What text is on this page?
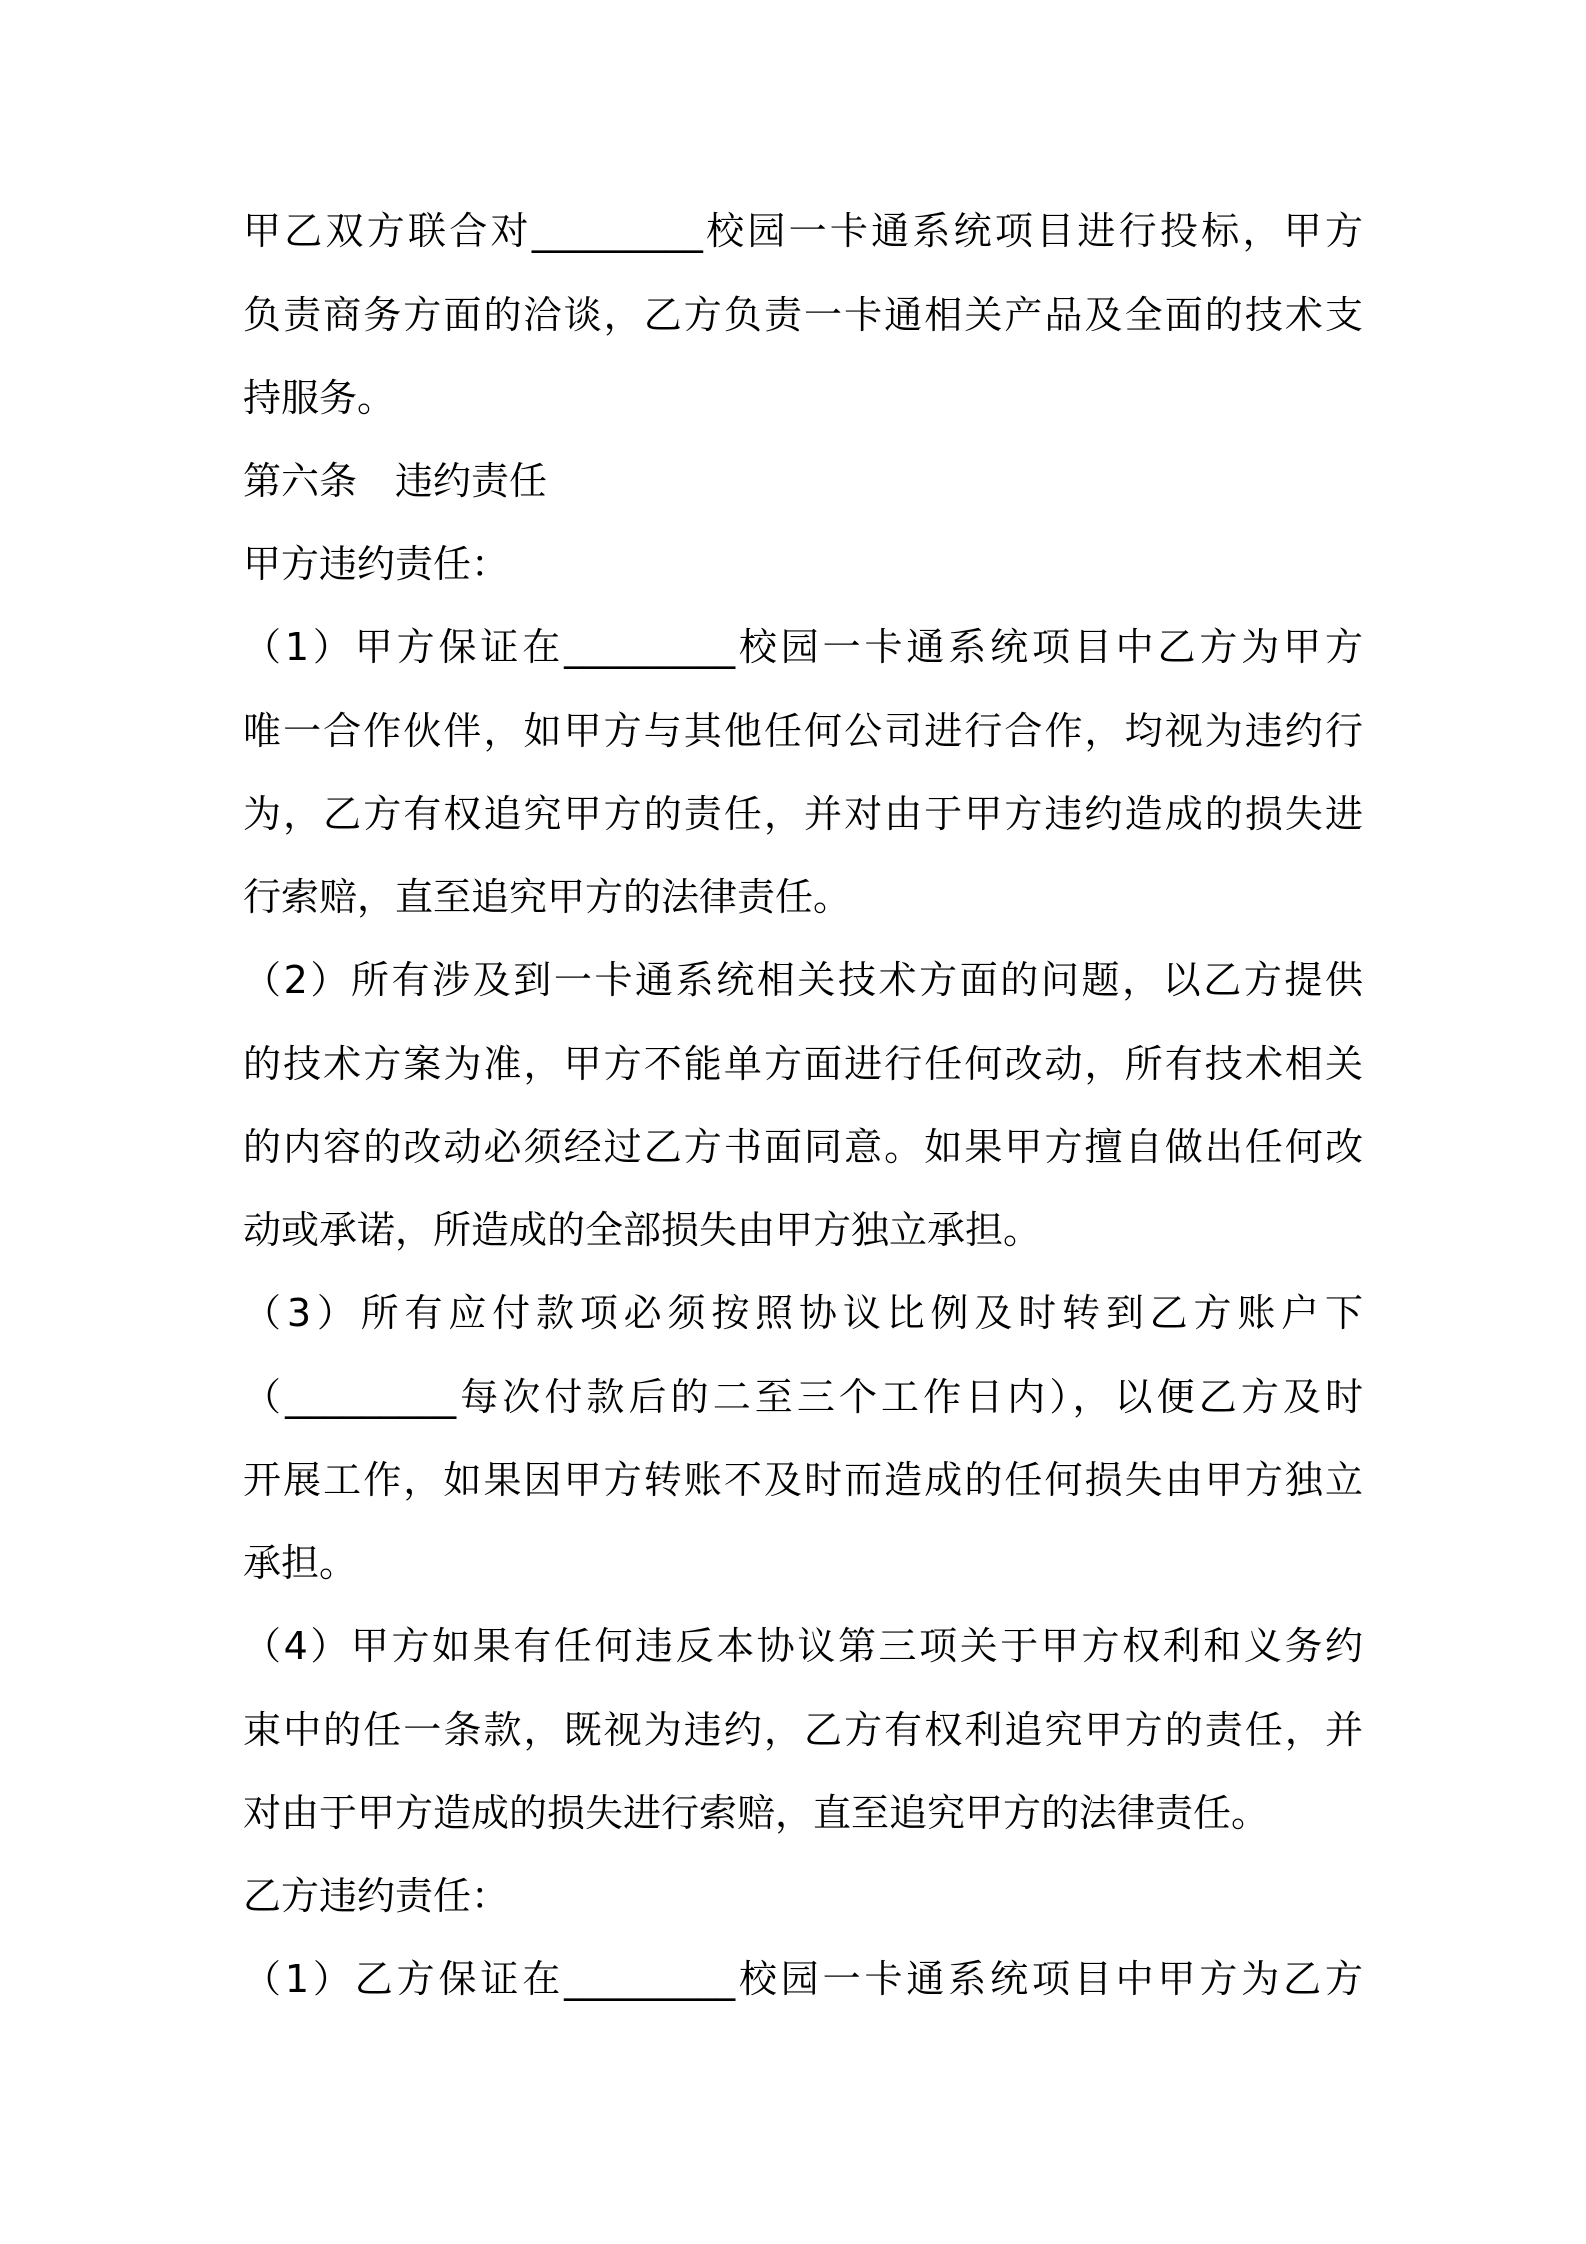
甲乙双方联合对_________校园一卡通系统项目进行投标，甲方
负责商务方面的洽谈，乙方负责一卡通相关产品及全面的技术支
持服务。
第六条　违约责任
甲方违约责任：
（1）甲方保证在_________校园一卡通系统项目中乙方为甲方
唯一合作伙伴，如甲方与其他任何公司进行合作，均视为违约行
为，乙方有权追究甲方的责任，并对由于甲方违约造成的损失进
行索赔，直至追究甲方的法律责任。
（2）所有涉及到一卡通系统相关技术方面的问题，以乙方提供
的技术方案为准，甲方不能单方面进行任何改动，所有技术相关
的内容的改动必须经过乙方书面同意。如果甲方擅自做出任何改
动或承诺，所造成的全部损失由甲方独立承担。
（3）所有应付款项必须按照协议比例及时转到乙方账户下
（_________每次付款后的二至三个工作日内），以便乙方及时
开展工作，如果因甲方转账不及时而造成的任何损失由甲方独立
承担。
（4）甲方如果有任何违反本协议第三项关于甲方权利和义务约
束中的任一条款，既视为违约，乙方有权利追究甲方的责任，并
对由于甲方造成的损失进行索赔，直至追究甲方的法律责任。
乙方违约责任：
（1）乙方保证在_________校园一卡通系统项目中甲方为乙方
